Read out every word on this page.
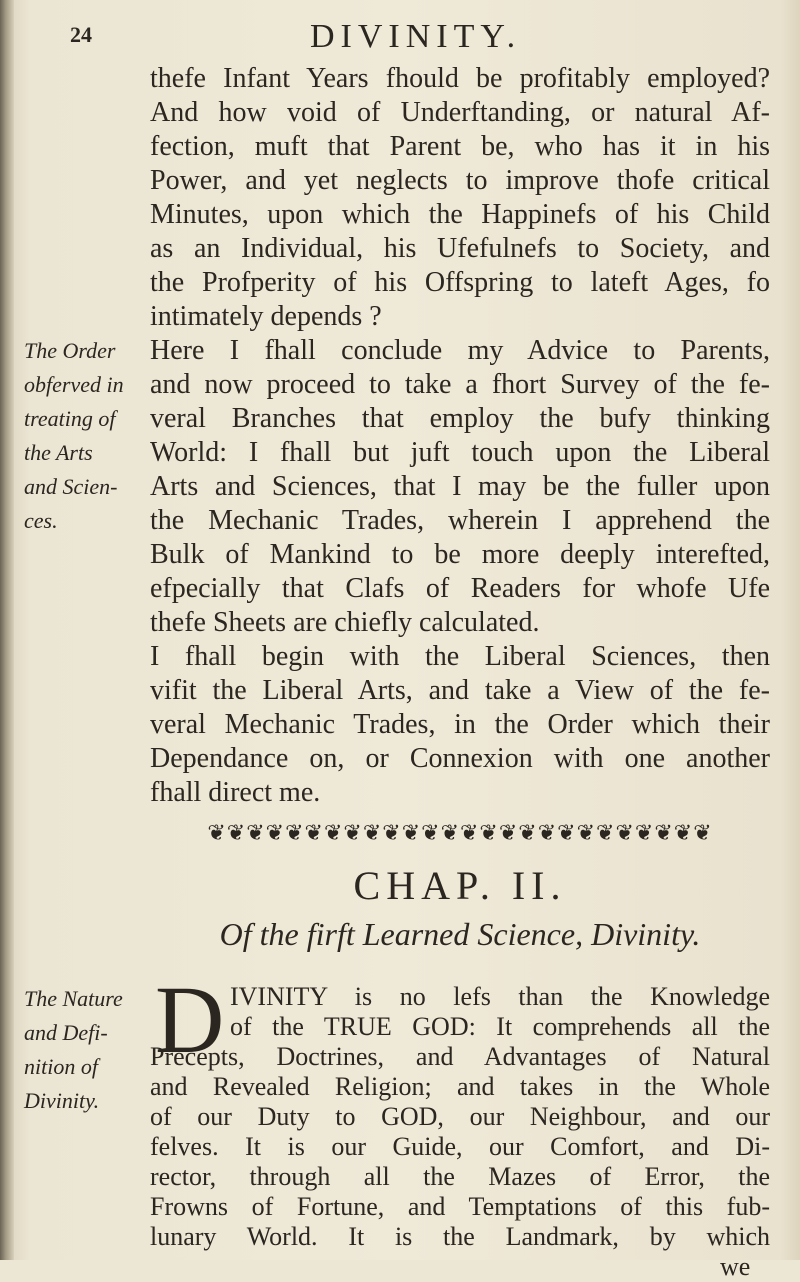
24	DIVINITY.
thefe Infant Years fhould be profitably employed?
And how void of Underftanding, or natural Af-
fection, muft that Parent be, who has it in his
Power, and yet neglects to improve thofe critical
Minutes, upon which the Happinefs of his Child
as an Individual, his Ufefulnefs to Society, and
the Profperity of his Offspring to lateft Ages, fo
intimately depends ?
The Order
obferved in
treating of
the Arts
and Scien-
ces.
Here I fhall conclude my Advice to Parents,
and now proceed to take a fhort Survey of the fe-
veral Branches that employ the bufy thinking
World: I fhall but juft touch upon the Liberal
Arts and Sciences, that I may be the fuller upon
the Mechanic Trades, wherein I apprehend the
Bulk of Mankind to be more deeply interefted,
efpecially that Clafs of Readers for whofe Ufe
thefe Sheets are chiefly calculated.
I fhall begin with the Liberal Sciences, then
vifit the Liberal Arts, and take a View of the fe-
veral Mechanic Trades, in the Order which their
Dependance on, or Connexion with one another
fhall direct me.
❦❦❦❦❦❦❦❦❦❦❦❦❦❦❦❦❦❦❦❦❦❦❦❦❦❦
CHAP. II.
Of the firft Learned Science, Divinity.
The Nature
and Defi-
nition of
Divinity.
D IVINITY is no lefs than the Knowledge
of the TRUE GOD: It comprehends all the
Precepts, Doctrines, and Advantages of Natural
and Revealed Religion; and takes in the Whole
of our Duty to GOD, our Neighbour, and our
felves. It is our Guide, our Comfort, and Di-
rector, through all the Mazes of Error, the
Frowns of Fortune, and Temptations of this fub-
lunary World. It is the Landmark, by which
we
